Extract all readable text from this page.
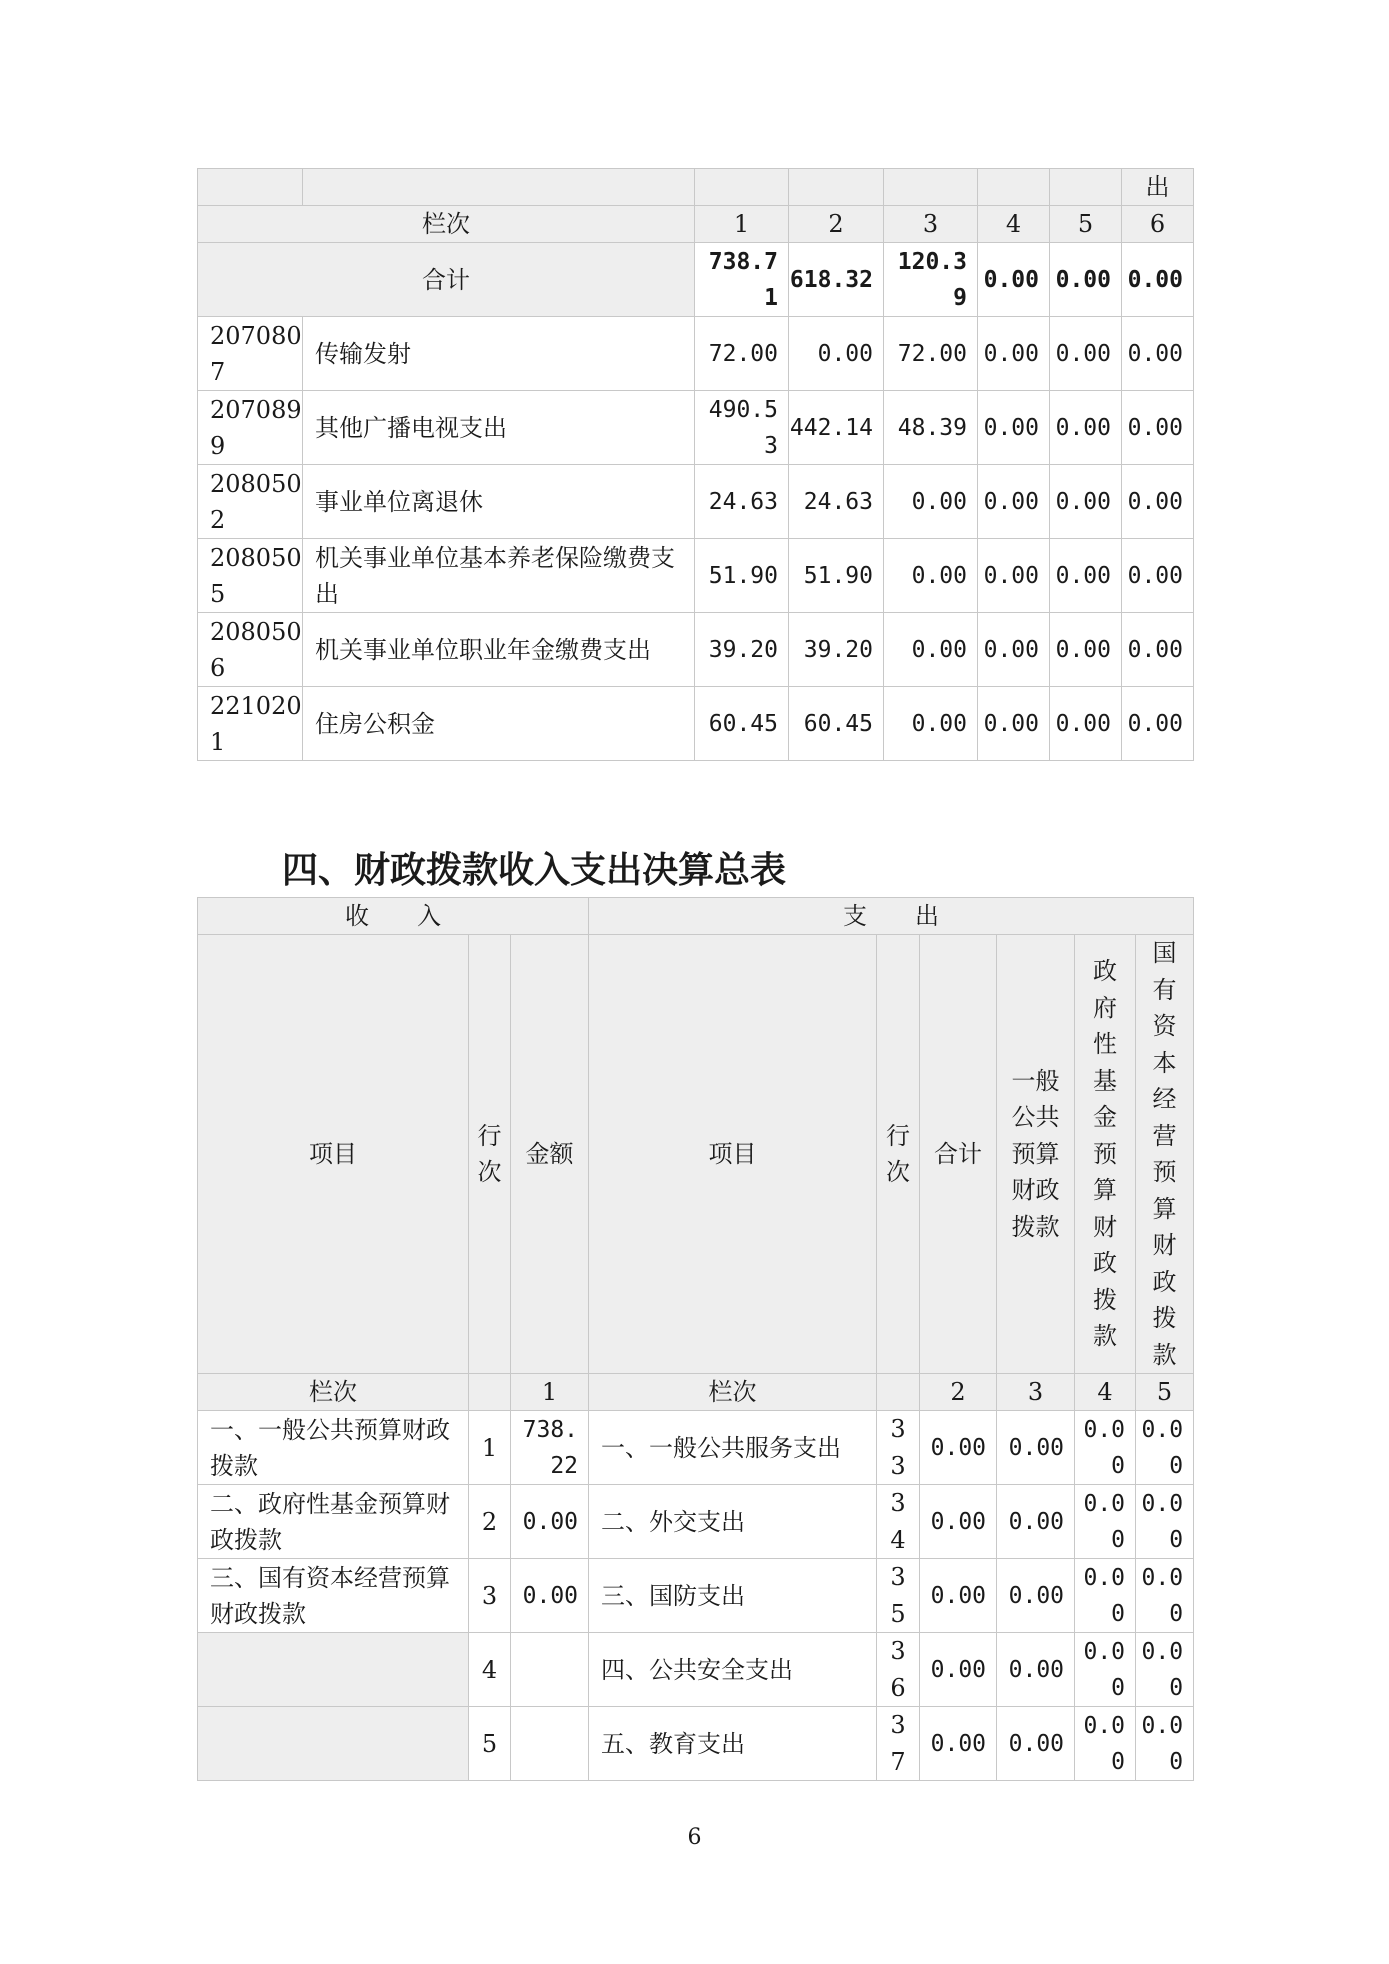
							出
栏次		1	2	3	4	5	6
合计		738.71	618.32	120.39	0.00	0.00	0.00
2070807	传输发射	72.00	0.00	72.00	0.00	0.00	0.00
2070899	其他广播电视支出	490.53	442.14	48.39	0.00	0.00	0.00
2080502	事业单位离退休	24.63	24.63	0.00	0.00	0.00	0.00
2080505	机关事业单位基本养老保险缴费支出	51.90	51.90	0.00	0.00	0.00	0.00
2080506	机关事业单位职业年金缴费支出	39.20	39.20	0.00	0.00	0.00	0.00
2210201	住房公积金	60.45	60.45	0.00	0.00	0.00	0.00
四、财政拨款收入支出决算总表
收　　入			支　　出					
项目	行次	金额	项目	行次	合计	一般公共预算财政拨款	政府性基金预算财政拨款	国有资本经营预算财政拨款
栏次		1	栏次		2	3	4	5
一、一般公共预算财政拨款	1	738.22	一、一般公共服务支出	33	0.00	0.00	0.00	0.00
二、政府性基金预算财政拨款	2	0.00	二、外交支出	34	0.00	0.00	0.00	0.00
三、国有资本经营预算财政拨款	3	0.00	三、国防支出	35	0.00	0.00	0.00	0.00
	4		四、公共安全支出	36	0.00	0.00	0.00	0.00
	5		五、教育支出	37	0.00	0.00	0.00	0.00
6
